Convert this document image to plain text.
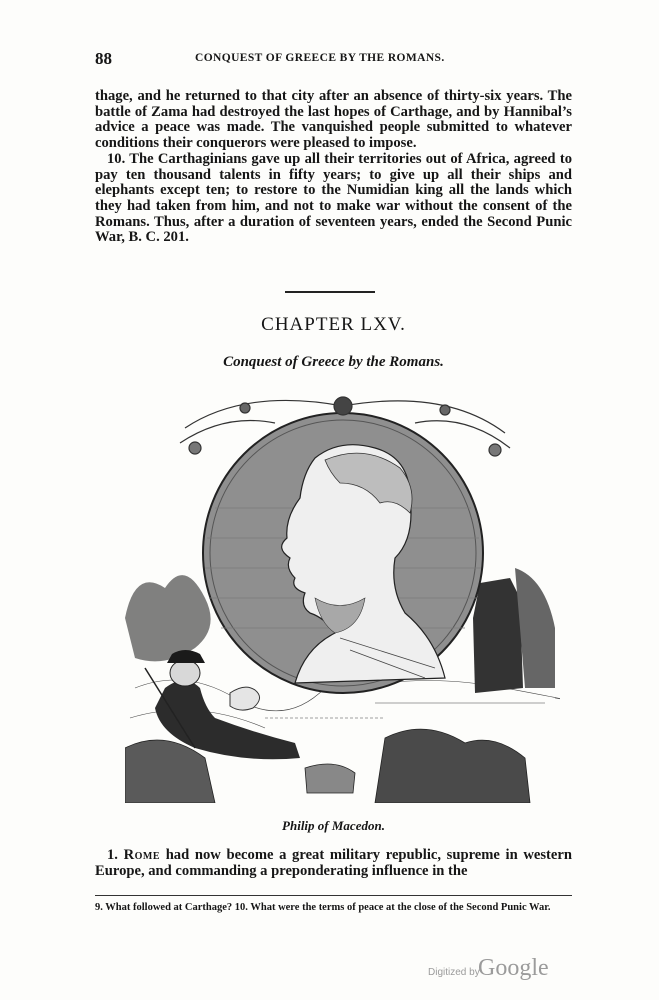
88	CONQUEST OF GREECE BY THE ROMANS.

thage, and he returned to that city after an absence of thirty-six years. The battle of Zama had destroyed the last hopes of Carthage, and by Hannibal’s advice a peace was made. The vanquished people submitted to whatever conditions their conquerors were pleased to impose.

10. The Carthaginians gave up all their territories out of Africa, agreed to pay ten thousand talents in fifty years; to give up all their ships and elephants except ten; to restore to the Numidian king all the lands which they had taken from him, and not to make war without the consent of the Romans. Thus, after a duration of seventeen years, ended the Second Punic War, B. C. 201.

CHAPTER LXV.
Conquest of Greece by the Romans.
Philip of Macedon.

1. Rome had now become a great military republic, supreme in western Europe, and commanding a preponderating influence in the

9. What followed at Carthage? 10. What were the terms of peace at the close of the Second Punic War.
Digitized by
Google
